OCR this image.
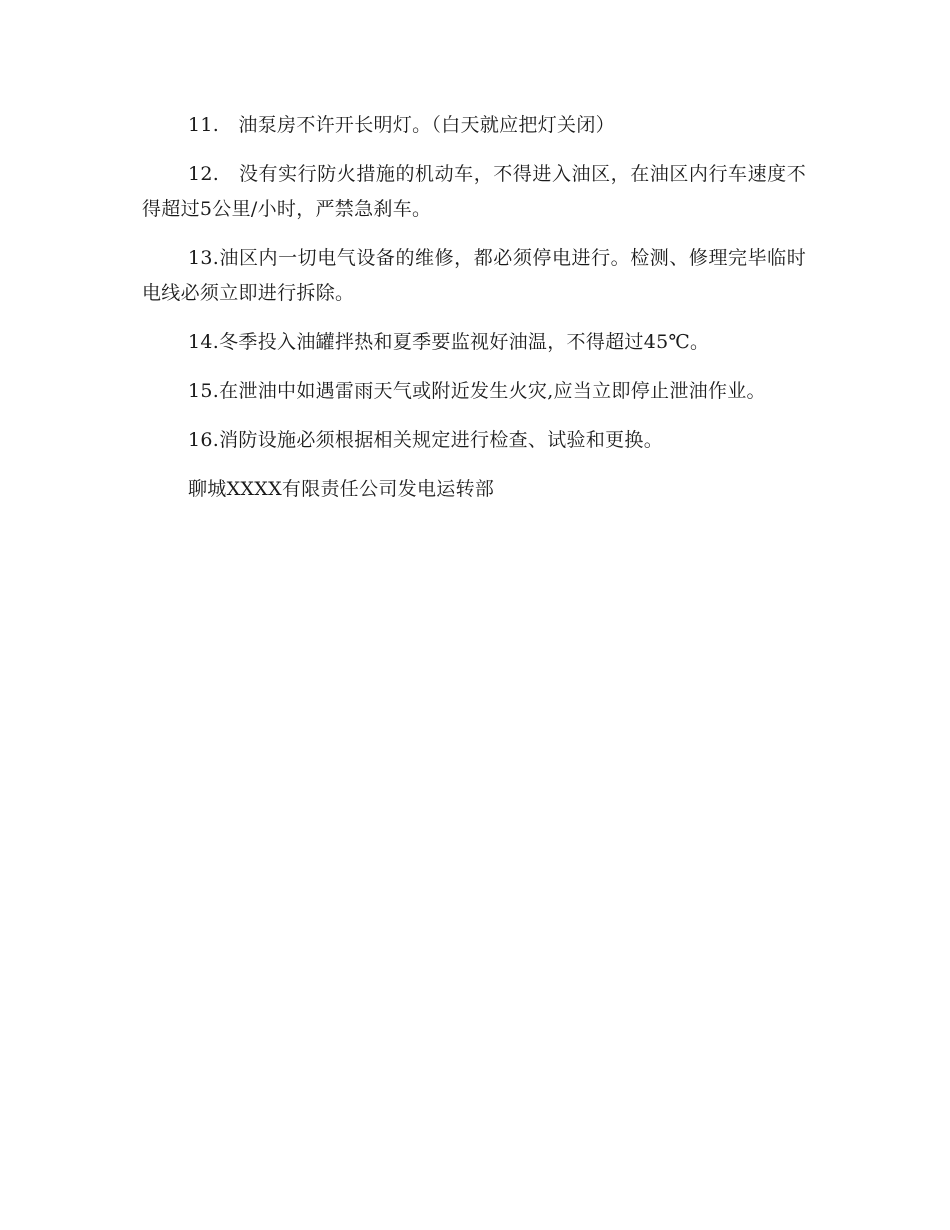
11.　油泵房不许开长明灯。（白天就应把灯关闭）

12.　没有实行防火措施的机动车，不得进入油区，在油区内行车速度不得超过5公里/小时，严禁急刹车。

13.油区内一切电气设备的维修，都必须停电进行。检测、修理完毕临时电线必须立即进行拆除。

14.冬季投入油罐拌热和夏季要监视好油温，不得超过45℃。

15.在泄油中如遇雷雨天气或附近发生火灾,应当立即停止泄油作业。

16.消防设施必须根据相关规定进行检查、试验和更换。

聊城XXXX有限责任公司发电运转部
